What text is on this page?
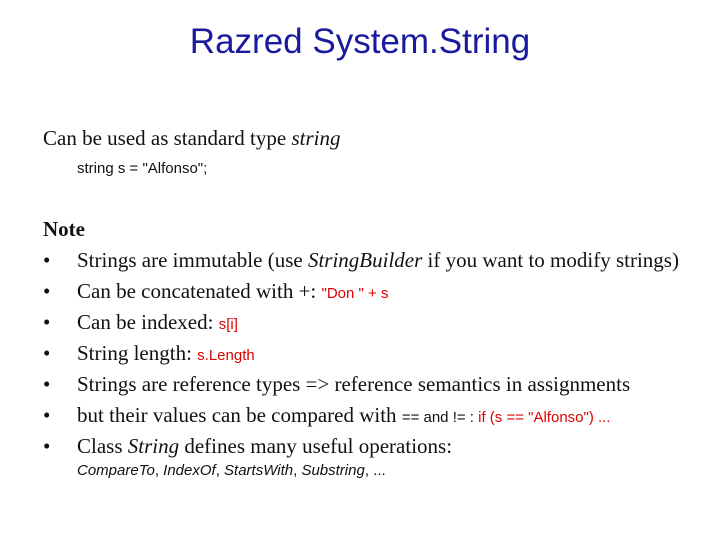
Razred System.String
Can be used as standard type string
string s = "Alfonso";
Note
• Strings are immutable (use StringBuilder if you want to modify strings)
• Can be concatenated with +: "Don " + s
• Can be indexed: s[i]
• String length: s.Length
• Strings are reference types => reference semantics in assignments
• but their values can be compared with == and != : if (s == "Alfonso") ...
• Class String defines many useful operations:
CompareTo, IndexOf, StartsWith, Substring, ...
